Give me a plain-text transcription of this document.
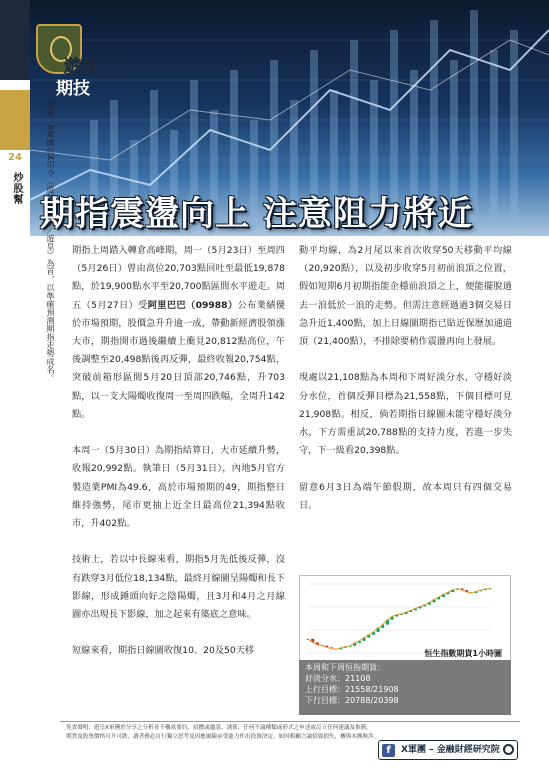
24
炒股幫
遊皇
期技
遊皇：X軍團以X司令（遊俠小皇子／遊皇）為首，以準確預測期指走勢成名。
期指震盪向上 注意阻力將近

期指上周踏入轉倉高峰期，周一（5月23日）至周四（5月26日）曾由高位20,703點回吐至最低19,878點，於19,900點水平至20,700點區間水平遊走。周五（5月27日）受阿里巴巴（09988）公布業績優於市場預期，股價急升升逾一成，帶動新經濟股領漲大市，期指開市過後繼續上衝見20,812點高位，午後調整至20,498點後再反彈，最終收報20,754點，突破前箱形區間5月20日頂部20,746點，升703點，以一支大陽燭收復周一至周四跌幅，全周升142點。

本周一（5月30日）為期指結算日，大市延續升勢，收報20,992點。執筆日（5月31日），內地5月官方製造業PMI為49.6，高於市場預期的49，期指整日維持強勢，尾市更抽上近全日最高位21,394點收市，升402點。

技術上，若以中長線來看，期指5月先低後反彈，沒有跌穿3月低位18,134點，最終月線圖呈陽燭和長下影線，形成錘頭向好之陰陽燭，且3月和4月之月線圖亦出現長下影線，加之起來有築底之意味。

短線來看，期指日線圖收復10、20及50天移

動平均線，為2月尾以來首次收穿50天移動平均線（20,920點），以及初步收穿5月初前浪頂之位置，假如短期6月初期指能企穩前浪頂之上，便能擺脫過去一浪低於一浪的走勢。但需注意經過過3個交易日急升近1,400點，加上日線圖期指已貼近保歷加通道頂（21,400點），不排除要稍作震盪再向上發展。

現處以21,108點為本周和下周好淡分水，守穩好淡分水位，首個反彈目標為21,558點，下個目標可見21,908點。相反，倘若期指日線圖未能守穩好淡分水，下方需重試20,788點的支持力度，若進一步失守，下一級看20,398點。

留意6月3日為端午節假期，故本周只有四個交易日。

恒生指數期貨1小時圖
本周和下周恒指期貨：
好淡分水：21108
上行目標：21558/21908
下行目標：20788/20398
免責聲明：遊皇X軍團於分享之分析並不構成要約、招攬或邀請、誘使、任何不論種類或形式之申述或訂立任何建議及推薦。
期貨及股票價格可升可跌，讀者務必自行獨立思考及因應風險承受能力作出投資決定。如因相關言論招致損失，概與本團無涉。
f	X軍團 – 金融財經研究院
